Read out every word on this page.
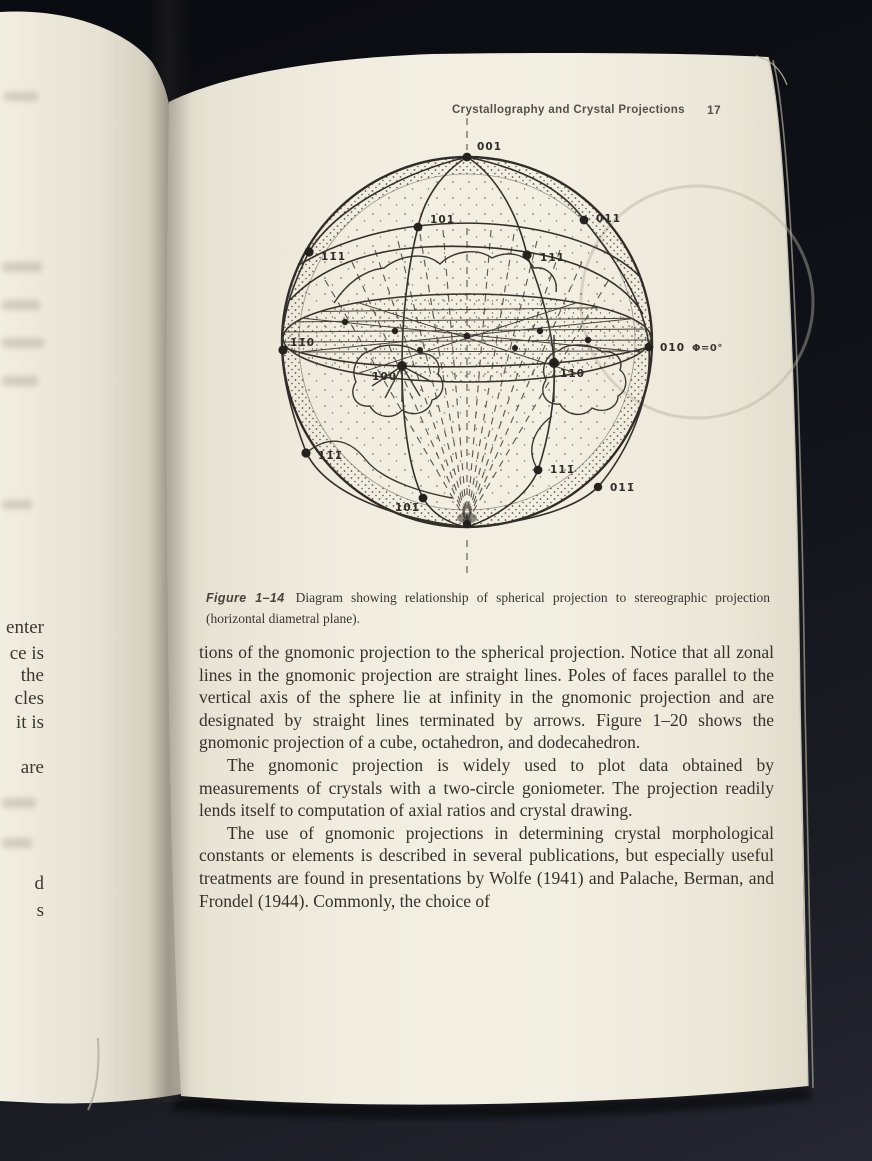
001
101	011
11̄1	111
11̄0	010 Φ=0°
100	110
11̄1̄
111̄
011̄
101̄
Crystallography and Crystal Projections 17
Figure 1–14 Diagram showing relationship of spherical projection to stereographic projection (horizontal diametral plane).

tions of the gnomonic projection to the spherical projection. Notice that all zonal lines in the gnomonic projection are straight lines. Poles of faces parallel to the vertical axis of the sphere lie at infinity in the gnomonic projection and are designated by straight lines terminated by arrows. Figure 1–20 shows the gnomonic projection of a cube, octahedron, and dodecahedron.

The gnomonic projection is widely used to plot data obtained by measurements of crystals with a two-circle goniometer. The projection readily lends itself to computation of axial ratios and crystal drawing.

The use of gnomonic projections in determining crystal morphological constants or elements is described in several publications, but especially useful treatments are found in presentations by Wolfe (1941) and Palache, Berman, and Frondel (1944). Commonly, the choice of

enter
ce is
the
cles
it is
are
d
s
